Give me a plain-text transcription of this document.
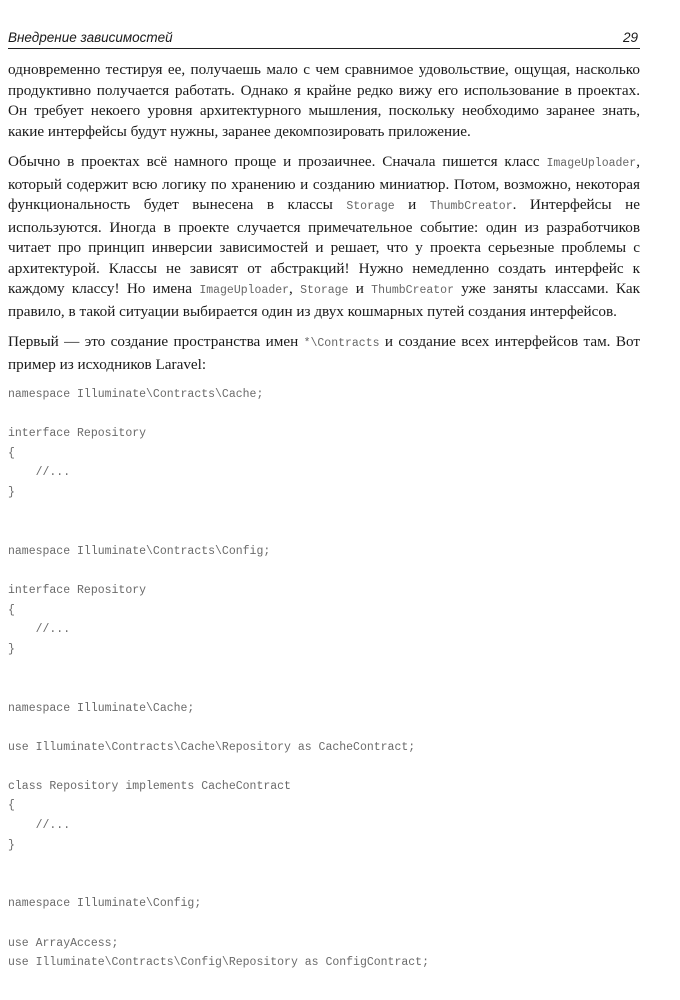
Внедрение зависимостей	29

одновременно тестируя ее, получаешь мало с чем сравнимое удовольствие, ощущая, насколько продуктивно получается работать. Однако я крайне редко вижу его использование в проектах. Он требует некоего уровня архитектурного мышления, поскольку необходимо заранее знать, какие интерфейсы будут нужны, заранее декомпозировать приложение.

Обычно в проектах всё намного проще и прозаичнее. Сначала пишется класс ImageUploader, который содержит всю логику по хранению и созданию миниатюр. Потом, возможно, некоторая функциональность будет вынесена в классы Storage и ThumbCreator. Интерфейсы не используются. Иногда в проекте случается примечательное событие: один из разработчиков читает про принцип инверсии зависимостей и решает, что у проекта серьезные проблемы с архитектурой. Классы не зависят от абстракций! Нужно немедленно создать интерфейс к каждому классу! Но имена ImageUploader, Storage и ThumbCreator уже заняты классами. Как правило, в такой ситуации выбирается один из двух кошмарных путей создания интерфейсов.

Первый — это создание пространства имен *\Contracts и создание всех интерфейсов там. Вот пример из исходников Laravel:

namespace Illuminate\Contracts\Cache;

interface Repository
{
//...
}

namespace Illuminate\Contracts\Config;

interface Repository
{
//...
}

namespace Illuminate\Cache;

use Illuminate\Contracts\Cache\Repository as CacheContract;

class Repository implements CacheContract
{
//...
}

namespace Illuminate\Config;

use ArrayAccess;
use Illuminate\Contracts\Config\Repository as ConfigContract;
